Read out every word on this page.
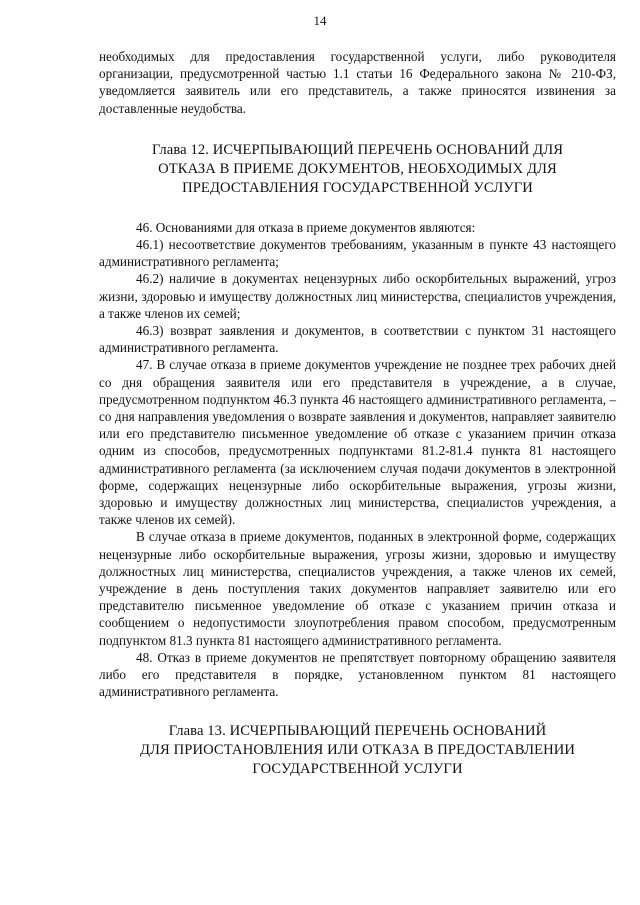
14

необходимых для предоставления государственной услуги, либо руководителя организации, предусмотренной частью 1.1 статьи 16 Федерального закона № 210-ФЗ, уведомляется заявитель или его представитель, а также приносятся извинения за доставленные неудобства.

Глава 12. ИСЧЕРПЫВАЮЩИЙ ПЕРЕЧЕНЬ ОСНОВАНИЙ ДЛЯ
ОТКАЗА В ПРИЕМЕ ДОКУМЕНТОВ, НЕОБХОДИМЫХ ДЛЯ
ПРЕДОСТАВЛЕНИЯ ГОСУДАРСТВЕННОЙ УСЛУГИ

46. Основаниями для отказа в приеме документов являются:

46.1) несоответствие документов требованиям, указанным в пункте 43 настоящего административного регламента;

46.2) наличие в документах нецензурных либо оскорбительных выражений, угроз жизни, здоровью и имуществу должностных лиц министерства, специалистов учреждения, а также членов их семей;

46.3) возврат заявления и документов, в соответствии с пунктом 31 настоящего административного регламента.

47. В случае отказа в приеме документов учреждение не позднее трех рабочих дней со дня обращения заявителя или его представителя в учреждение, а в случае, предусмотренном подпунктом 46.3 пункта 46 настоящего административного регламента, – со дня направления уведомления о возврате заявления и документов, направляет заявителю или его представителю письменное уведомление об отказе с указанием причин отказа одним из способов, предусмотренных подпунктами 81.2-81.4 пункта 81 настоящего административного регламента (за исключением случая подачи документов в электронной форме, содержащих нецензурные либо оскорбительные выражения, угрозы жизни, здоровью и имуществу должностных лиц министерства, специалистов учреждения, а также членов их семей).

В случае отказа в приеме документов, поданных в электронной форме, содержащих нецензурные либо оскорбительные выражения, угрозы жизни, здоровью и имуществу должностных лиц министерства, специалистов учреждения, а также членов их семей, учреждение в день поступления таких документов направляет заявителю или его представителю письменное уведомление об отказе с указанием причин отказа и сообщением о недопустимости злоупотребления правом способом, предусмотренным подпунктом 81.3 пункта 81 настоящего административного регламента.

48. Отказ в приеме документов не препятствует повторному обращению заявителя либо его представителя в порядке, установленном пунктом 81 настоящего административного регламента.

Глава 13. ИСЧЕРПЫВАЮЩИЙ ПЕРЕЧЕНЬ ОСНОВАНИЙ
ДЛЯ ПРИОСТАНОВЛЕНИЯ ИЛИ ОТКАЗА В ПРЕДОСТАВЛЕНИИ
ГОСУДАРСТВЕННОЙ УСЛУГИ
